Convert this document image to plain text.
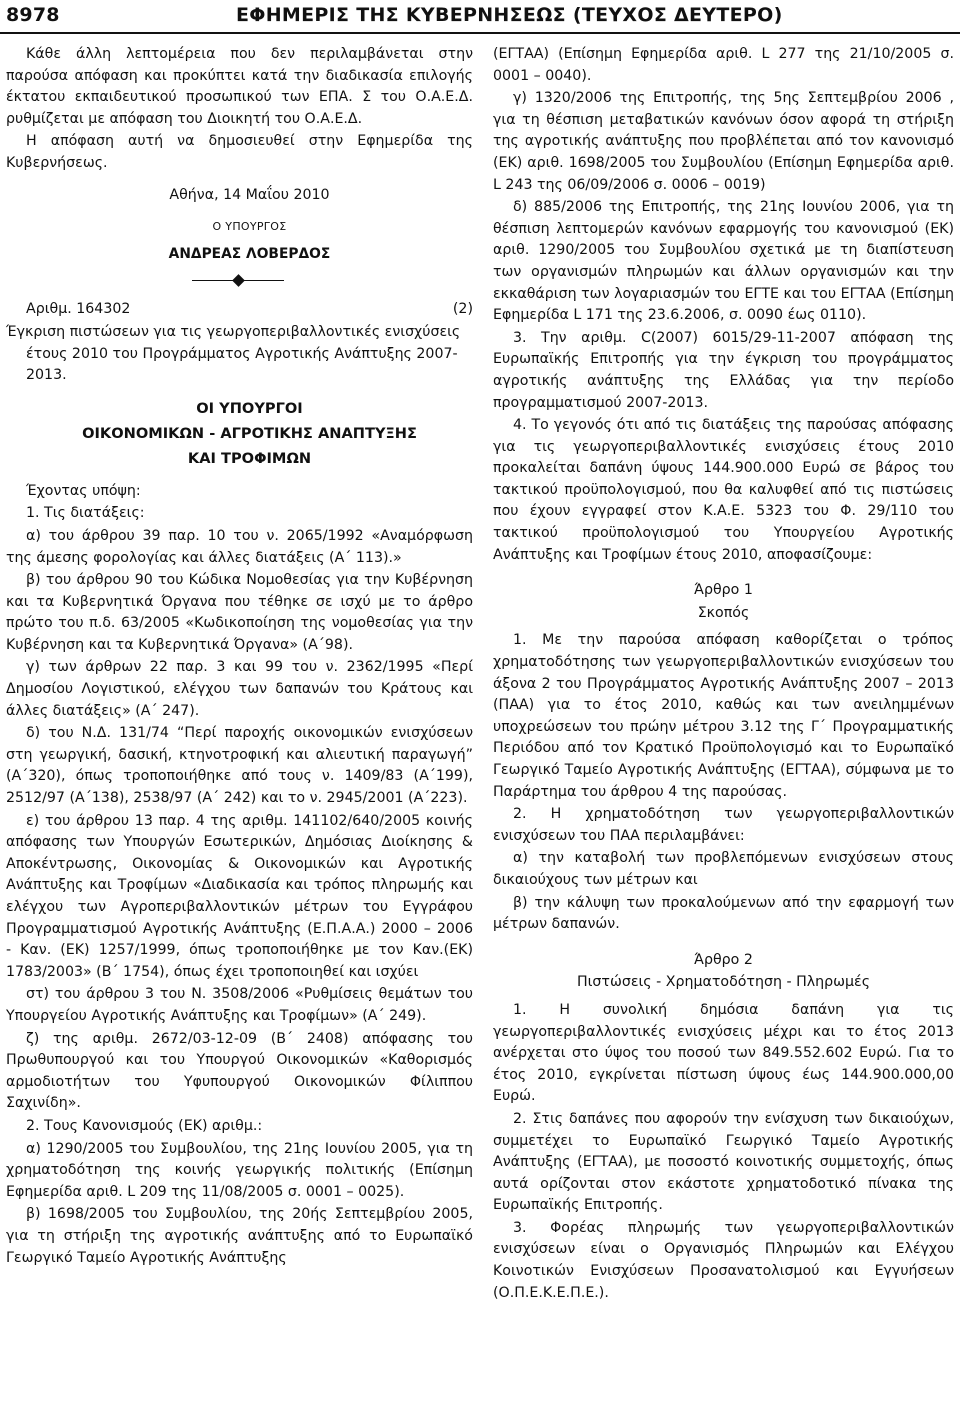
8978	ΕΦΗΜΕΡΙΣ ΤΗΣ ΚΥΒΕΡΝΗΣΕΩΣ (ΤΕΥΧΟΣ ΔΕΥΤΕΡΟ)

Κάθε άλλη λεπτομέρεια που δεν περιλαμβάνεται στην παρούσα απόφαση και προκύπτει κατά την διαδικασία επιλογής έκτατου εκπαιδευτικού προσωπικού των ΕΠΑ. Σ του Ο.Α.Ε.Δ. ρυθμίζεται με απόφαση του Διοικητή του Ο.Α.Ε.Δ.

Η απόφαση αυτή να δημοσιευθεί στην Εφημερίδα της Κυβερνήσεως.

Αθήνα, 14 Μαΐου 2010

Ο ΥΠΟΥΡΓΟΣ

ΑΝΔΡΕΑΣ ΛΟΒΕΡΔΟΣ

Αριθμ. 164302	(2)

Έγκριση πιστώσεων για τις γεωργοπεριβαλλοντικές ενισχύσεις έτους 2010 του Προγράμματος Αγροτικής Ανάπτυξης 2007-2013.

ΟΙ ΥΠΟΥΡΓΟΙ

ΟΙΚΟΝΟΜΙΚΩΝ - ΑΓΡΟΤΙΚΗΣ ΑΝΑΠΤΥΞΗΣ

ΚΑΙ ΤΡΟΦΙΜΩΝ

Έχοντας υπόψη:

1. Τις διατάξεις:

α) του άρθρου 39 παρ. 10 του ν. 2065/1992 «Αναμόρφωση της άμεσης φορολογίας και άλλες διατάξεις (Α΄ 113).»

β) του άρθρου 90 του Κώδικα Νομοθεσίας για την Κυβέρνηση και τα Κυβερνητικά Όργανα που τέθηκε σε ισχύ με το άρθρο πρώτο του π.δ. 63/2005 «Κωδικοποίηση της νομοθεσίας για την Κυβέρνηση και τα Κυβερνητικά Όργανα» (Α΄98).

γ) των άρθρων 22 παρ. 3 και 99 του ν. 2362/1995 «Περί Δημοσίου Λογιστικού, ελέγχου των δαπανών του Κράτους και άλλες διατάξεις» (Α΄ 247).

δ) του Ν.Δ. 131/74 “Περί παροχής οικονομικών ενισχύσεων στη γεωργική, δασική, κτηνοτροφική και αλιευτική παραγωγή” (Α΄320), όπως τροποποιήθηκε από τους ν. 1409/83 (Α΄199), 2512/97 (Α΄138), 2538/97 (Α΄ 242) και το ν. 2945/2001 (Α΄223).

ε) του άρθρου 13 παρ. 4 της αριθμ. 141102/640/2005 κοινής απόφασης των Υπουργών Εσωτερικών, Δημόσιας Διοίκησης & Αποκέντρωσης, Οικονομίας & Οικονομικών και Αγροτικής Ανάπτυξης και Τροφίμων «Διαδικασία και τρόπος πληρωμής και ελέγχου των Αγροπεριβαλλοντικών μέτρων του Εγγράφου Προγραμματισμού Αγροτικής Ανάπτυξης (Ε.Π.Α.Α.) 2000 – 2006 - Καν. (ΕΚ) 1257/1999, όπως τροποποιήθηκε με τον Καν.(ΕΚ) 1783/2003» (Β΄ 1754), όπως έχει τροποποιηθεί και ισχύει

στ) του άρθρου 3 του Ν. 3508/2006 «Ρυθμίσεις θεμάτων του Υπουργείου Αγροτικής Ανάπτυξης και Τροφίμων» (Α΄ 249).

ζ) της αριθμ. 2672/03-12-09 (Β΄ 2408) απόφασης του Πρωθυπουργού και του Υπουργού Οικονομικών «Καθορισμός αρμοδιοτήτων του Υφυπουργού Οικονομικών Φίλιππου Σαχινίδη».

2. Τους Κανονισμούς (ΕΚ) αριθμ.:

α) 1290/2005 του Συμβουλίου, της 21ης Ιουνίου 2005, για τη χρηματοδότηση της κοινής γεωργικής πολιτικής (Επίσημη Εφημερίδα αριθ. L 209 της 11/08/2005 σ. 0001 – 0025).

β) 1698/2005 του Συμβουλίου, της 20ής Σεπτεμβρίου 2005, για τη στήριξη της αγροτικής ανάπτυξης από το Ευρωπαϊκό Γεωργικό Ταμείο Αγροτικής Ανάπτυξης

(ΕΓΤΑΑ) (Επίσημη Εφημερίδα αριθ. L 277 της 21/10/2005 σ. 0001 – 0040).

γ) 1320/2006 της Επιτροπής, της 5ης Σεπτεμβρίου 2006 , για τη θέσπιση μεταβατικών κανόνων όσον αφορά τη στήριξη της αγροτικής ανάπτυξης που προβλέπεται από τον κανονισμό (ΕΚ) αριθ. 1698/2005 του Συμβουλίου (Επίσημη Εφημερίδα αριθ. L 243 της 06/09/2006 σ. 0006 – 0019)

δ) 885/2006 της Επιτροπής, της 21ης Ιουνίου 2006, για τη θέσπιση λεπτομερών κανόνων εφαρμογής του κανονισμού (ΕΚ) αριθ. 1290/2005 του Συμβουλίου σχετικά με τη διαπίστευση των οργανισμών πληρωμών και άλλων οργανισμών και την εκκαθάριση των λογαριασμών του ΕΓΤΕ και του ΕΓΤΑΑ (Επίσημη Εφημερίδα L 171 της 23.6.2006, σ. 0090 έως 0110).

3. Την αριθμ. C(2007) 6015/29-11-2007 απόφαση της Ευρωπαϊκής Επιτροπής για την έγκριση του προγράμματος αγροτικής ανάπτυξης της Ελλάδας για την περίοδο προγραμματισμού 2007-2013.

4. Το γεγονός ότι από τις διατάξεις της παρούσας απόφασης για τις γεωργοπεριβαλλοντικές ενισχύσεις έτους 2010 προκαλείται δαπάνη ύψους 144.900.000 Ευρώ σε βάρος του τακτικού προϋπολογισμού, που θα καλυφθεί από τις πιστώσεις που έχουν εγγραφεί στον Κ.Α.Ε. 5323 του Φ. 29/110 του τακτικού προϋπολογισμού του Υπουργείου Αγροτικής Ανάπτυξης και Τροφίμων έτους 2010, αποφασίζουμε:

Άρθρο 1

Σκοπός

1. Με την παρούσα απόφαση καθορίζεται ο τρόπος χρηματοδότησης των γεωργοπεριβαλλοντικών ενισχύσεων του άξονα 2 του Προγράμματος Αγροτικής Ανάπτυξης 2007 – 2013 (ΠΑΑ) για το έτος 2010, καθώς και των ανειλημμένων υποχρεώσεων του πρώην μέτρου 3.12 της Γ΄ Προγραμματικής Περιόδου από τον Κρατικό Προϋπολογισμό και το Ευρωπαϊκό Γεωργικό Ταμείο Αγροτικής Ανάπτυξης (ΕΓΤΑΑ), σύμφωνα με το Παράρτημα του άρθρου 4 της παρούσας.

2. Η χρηματοδότηση των γεωργοπεριβαλλοντικών ενισχύσεων του ΠΑΑ περιλαμβάνει:

α) την καταβολή των προβλεπόμενων ενισχύσεων στους δικαιούχους των μέτρων και

β) την κάλυψη των προκαλούμενων από την εφαρμογή των μέτρων δαπανών.

Άρθρο 2

Πιστώσεις - Χρηματοδότηση - Πληρωμές

1. Η συνολική δημόσια δαπάνη για τις γεωργοπεριβαλλοντικές ενισχύσεις μέχρι και το έτος 2013 ανέρχεται στο ύψος του ποσού των 849.552.602 Ευρώ. Για το έτος 2010, εγκρίνεται πίστωση ύψους έως 144.900.000,00 Ευρώ.

2. Στις δαπάνες που αφορούν την ενίσχυση των δικαιούχων, συμμετέχει το Ευρωπαϊκό Γεωργικό Ταμείο Αγροτικής Ανάπτυξης (ΕΓΤΑΑ), με ποσοστό κοινοτικής συμμετοχής, όπως αυτά ορίζονται στον εκάστοτε χρηματοδοτικό πίνακα της Ευρωπαϊκής Επιτροπής.

3. Φορέας πληρωμής των γεωργοπεριβαλλοντικών ενισχύσεων είναι ο Οργανισμός Πληρωμών και Ελέγχου Κοινοτικών Ενισχύσεων Προσανατολισμού και Εγγυήσεων (Ο.Π.Ε.Κ.Ε.Π.Ε.).
